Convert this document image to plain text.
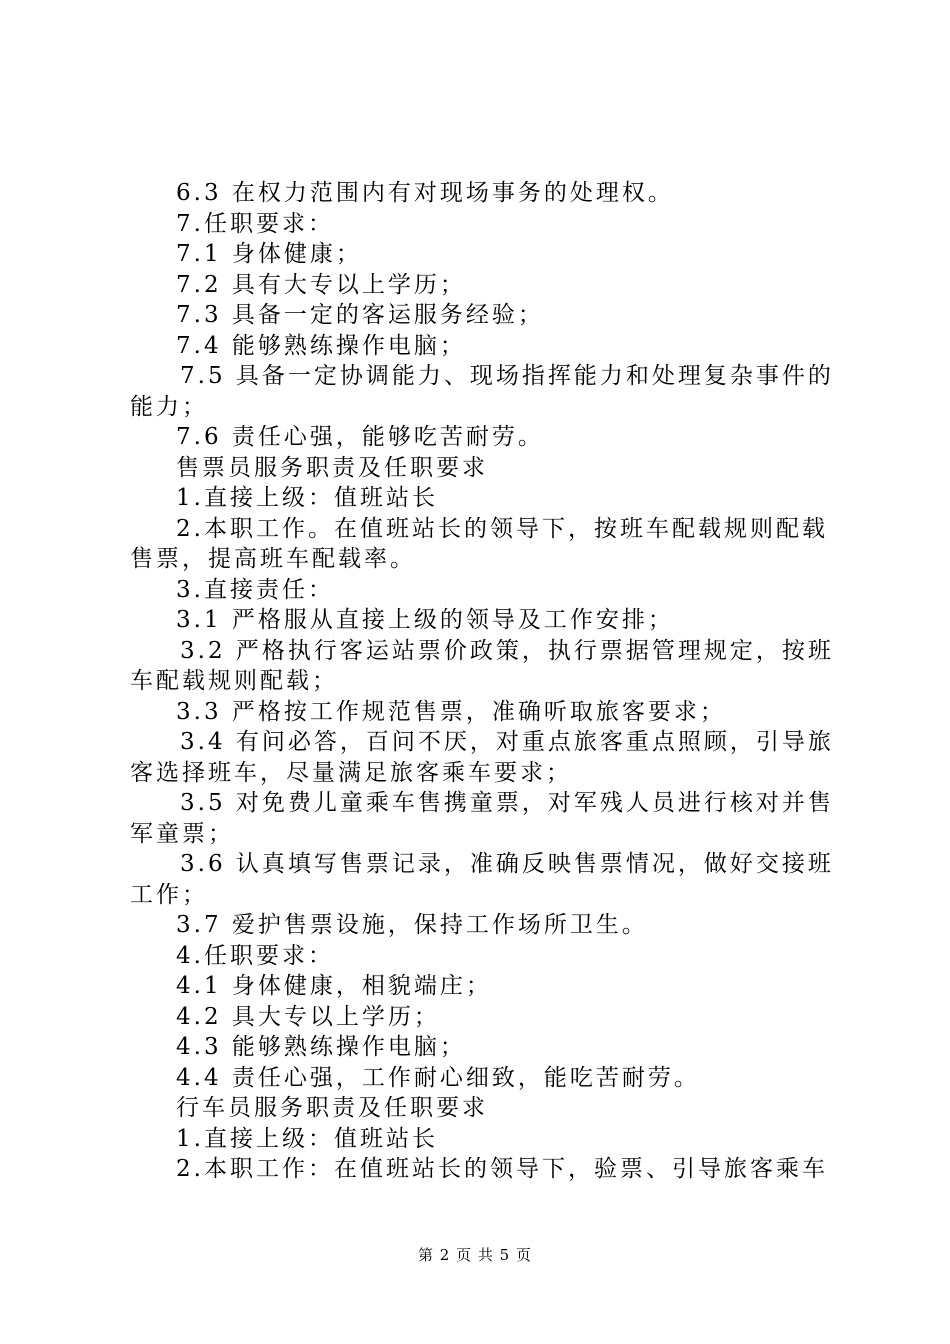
6.3 在权力范围内有对现场事务的处理权。
7.任职要求：
7.1 身体健康；
7.2 具有大专以上学历；
7.3 具备一定的客运服务经验；
7.4 能够熟练操作电脑；
7.5 具备一定协调能力、现场指挥能力和处理复杂事件的
能力；
7.6 责任心强，能够吃苦耐劳。
售票员服务职责及任职要求
1.直接上级：值班站长
2.本职工作。在值班站长的领导下，按班车配载规则配载
售票，提高班车配载率。
3.直接责任：
3.1 严格服从直接上级的领导及工作安排；
3.2 严格执行客运站票价政策，执行票据管理规定，按班
车配载规则配载；
3.3 严格按工作规范售票，准确听取旅客要求；
3.4 有问必答，百问不厌，对重点旅客重点照顾，引导旅
客选择班车，尽量满足旅客乘车要求；
3.5 对免费儿童乘车售携童票，对军残人员进行核对并售
军童票；
3.6 认真填写售票记录，准确反映售票情况，做好交接班
工作；
3.7 爱护售票设施，保持工作场所卫生。
4.任职要求：
4.1 身体健康，相貌端庄；
4.2 具大专以上学历；
4.3 能够熟练操作电脑；
4.4 责任心强，工作耐心细致，能吃苦耐劳。
行车员服务职责及任职要求
1.直接上级：值班站长
2.本职工作：在值班站长的领导下，验票、引导旅客乘车
第 2 页 共 5 页
